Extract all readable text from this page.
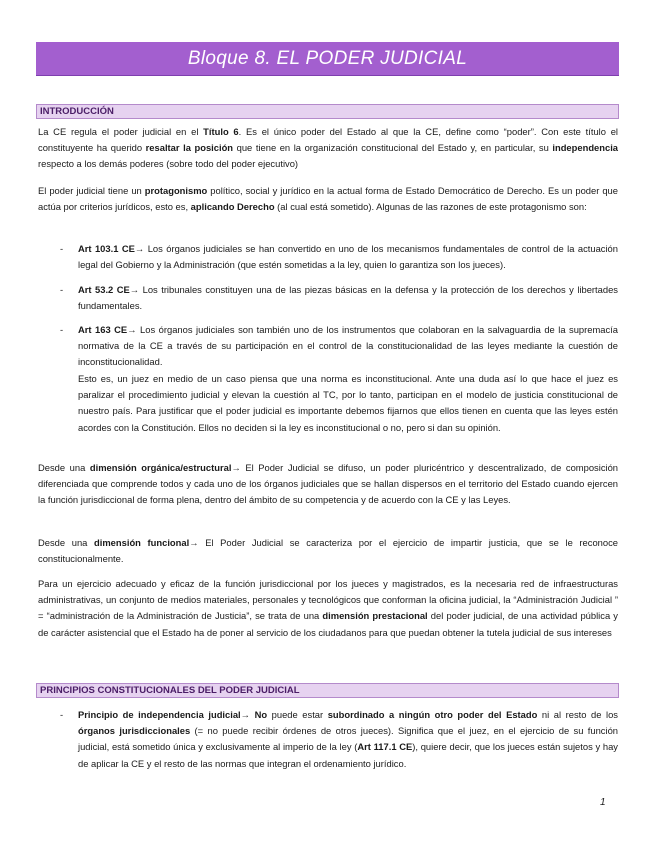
Bloque 8. EL PODER JUDICIAL
INTRODUCCIÓN

La CE regula el poder judicial en el Título 6. Es el único poder del Estado al que la CE, define como “poder”. Con este título el constituyente ha querido resaltar la posición que tiene en la organización constitucional del Estado y, en particular, su independencia respecto a los demás poderes (sobre todo del poder ejecutivo)

El poder judicial tiene un protagonismo político, social y jurídico en la actual forma de Estado Democrático de Derecho. Es un poder que actúa por criterios jurídicos, esto es, aplicando Derecho (al cual está sometido). Algunas de las razones de este protagonismo son:

-	Art 103.1 CE→ Los órganos judiciales se han convertido en uno de los mecanismos fundamentales de control de la actuación legal del Gobierno y la Administración (que estén sometidas a la ley, quien lo garantiza son los jueces).

-	Art 53.2 CE→ Los tribunales constituyen una de las piezas básicas en la defensa y la protección de los derechos y libertades fundamentales.

-	Art 163 CE→ Los órganos judiciales son también uno de los instrumentos que colaboran en la salvaguardia de la supremacía normativa de la CE a través de su participación en el control de la constitucionalidad de las leyes mediante la cuestión de inconstitucionalidad.

Esto es, un juez en medio de un caso piensa que una norma es inconstitucional. Ante una duda así lo que hace el juez es paralizar el procedimiento judicial y elevan la cuestión al TC, por lo tanto, participan en el modelo de justicia constitucional de nuestro país. Para justificar que el poder judicial es importante debemos fijarnos que ellos tienen en cuenta que las leyes estén acordes con la Constitución. Ellos no deciden si la ley es inconstitucional o no, pero si dan su opinión.

Desde una dimensión orgánica/estructural→ El Poder Judicial se difuso, un poder pluricéntrico y descentralizado, de composición diferenciada que comprende todos y cada uno de los órganos judiciales que se hallan dispersos en el territorio del Estado cuando ejercen la función jurisdiccional de forma plena, dentro del ámbito de su competencia y de acuerdo con la CE y las Leyes.

Desde una dimensión funcional→ El Poder Judicial se caracteriza por el ejercicio de impartir justicia, que se le reconoce constitucionalmente.

Para un ejercicio adecuado y eficaz de la función jurisdiccional por los jueces y magistrados, es la necesaria red de infraestructuras administrativas, un conjunto de medios materiales, personales y tecnológicos que conforman la oficina judicial, la “Administración Judicial ” = “administración de la Administración de Justicia”, se trata de una dimensión prestacional del poder judicial, de una actividad pública y de carácter asistencial que el Estado ha de poner al servicio de los ciudadanos para que puedan obtener la tutela judicial de sus intereses

PRINCIPIOS CONSTITUCIONALES DEL PODER JUDICIAL
-	Principio de independencia judicial→ No puede estar subordinado a ningún otro poder del Estado ni al resto de los órganos jurisdiccionales (= no puede recibir órdenes de otros jueces). Significa que el juez, en el ejercicio de su función judicial, está sometido única y exclusivamente al imperio de la ley (Art 117.1 CE), quiere decir, que los jueces están sujetos y hay de aplicar la CE y el resto de las normas que integran el ordenamiento jurídico.

1
